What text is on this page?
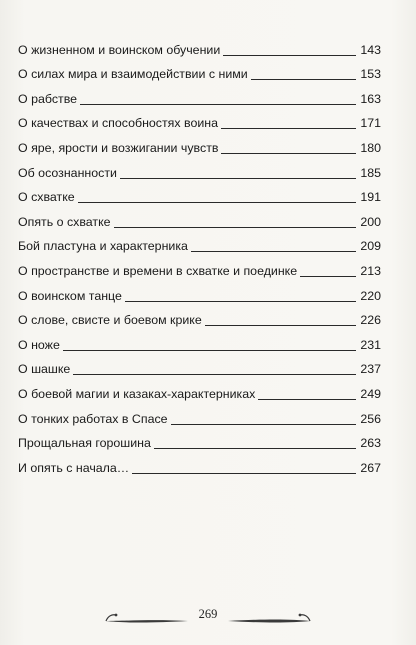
О жизненном и воинском обучении	143
О силах мира и взаимодействии с ними	153
О рабстве	163
О качествах и способностях воина	171
О яре, ярости и возжигании чувств	180
Об осознанности	185
О схватке	191
Опять о схватке	200
Бой пластуна и характерника	209
О пространстве и времени в схватке и поединке	213
О воинском танце	220
О слове, свисте и боевом крике	226
О ноже	231
О шашке	237
О боевой магии и казаках-характерниках	249
О тонких работах в Спасе	256
Прощальная горошина	263
И опять с начала…	267
269
